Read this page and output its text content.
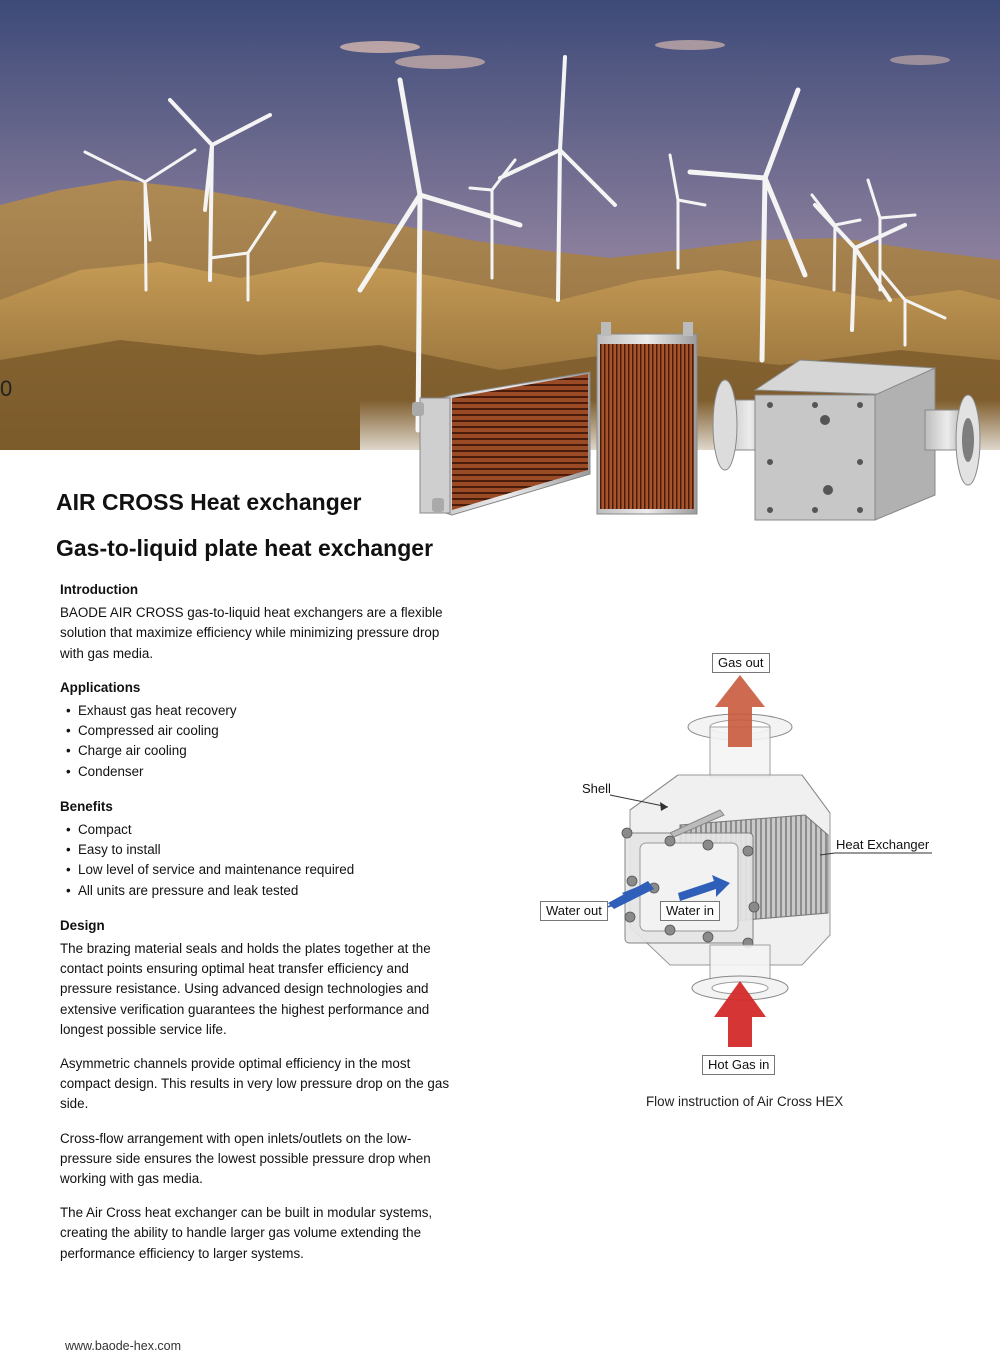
0
AIR CROSS Heat exchanger
Gas-to-liquid plate heat exchanger
Introduction

BAODE AIR CROSS gas-to-liquid heat exchangers are a flexible solution that maximize efficiency while minimizing pressure drop with gas media.

Applications
• Exhaust gas heat recovery
• Compressed air cooling
• Charge air cooling
• Condenser
Benefits
• Compact
• Easy to install
• Low level of service and maintenance required
• All units are pressure and leak tested
Design

The brazing material seals and holds the plates together at the contact points ensuring optimal heat transfer efficiency and pressure resistance. Using advanced design technologies and extensive verification guarantees the highest performance and longest possible service life.

Asymmetric channels provide optimal efficiency in the most compact design. This results in very low pressure drop on the gas side.

Cross-flow arrangement with open inlets/outlets on the low-pressure side ensures the lowest possible pressure drop when working with gas media.

The Air Cross heat exchanger can be built in modular systems, creating the ability to handle larger gas volume extending the performance efficiency to larger systems.

Gas out
Shell
Heat Exchanger
Water out	Water in
Hot Gas in
Flow instruction of Air Cross HEX
www.baode-hex.com
